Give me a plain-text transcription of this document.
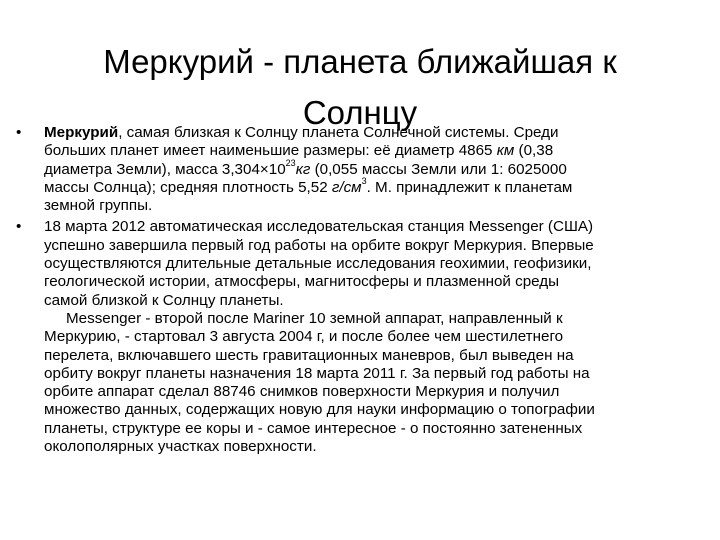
Меркурий - планета ближайшая к
Солнцу
•	Меркурий, самая близкая к Солнцу планета Солнечной системы. Среди
больших планет имеет наименьшие размеры: её диаметр 4865 км (0,38
диаметра Земли), масса $3,304\times 10^{23}кг$ (0,055 массы Земли или 1: 6025000
массы Солнца); средняя плотность 5,52 $г/см^3$. М. принадлежит к планетам
земной группы.
•	18 марта 2012 автоматическая исследовательская станция Messenger (США)
успешно завершила первый год работы на орбите вокруг Меркурия. Впервые
осуществляются длительные детальные исследования геохимии, геофизики,
геологической истории, атмосферы, магнитосферы и плазменной среды
самой близкой к Солнцу планеты.
Messenger - второй после Mariner 10 земной аппарат, направленный к
Меркурию, - стартовал 3 августа 2004 г, и после более чем шестилетнего
перелета, включавшего шесть гравитационных маневров, был выведен на
орбиту вокруг планеты назначения 18 марта 2011 г. За первый год работы на
орбите аппарат сделал 88746 снимков поверхности Меркурия и получил
множество данных, содержащих новую для науки информацию о топографии
планеты, структуре ее коры и - самое интересное - о постоянно затененных
околополярных участках поверхности.
